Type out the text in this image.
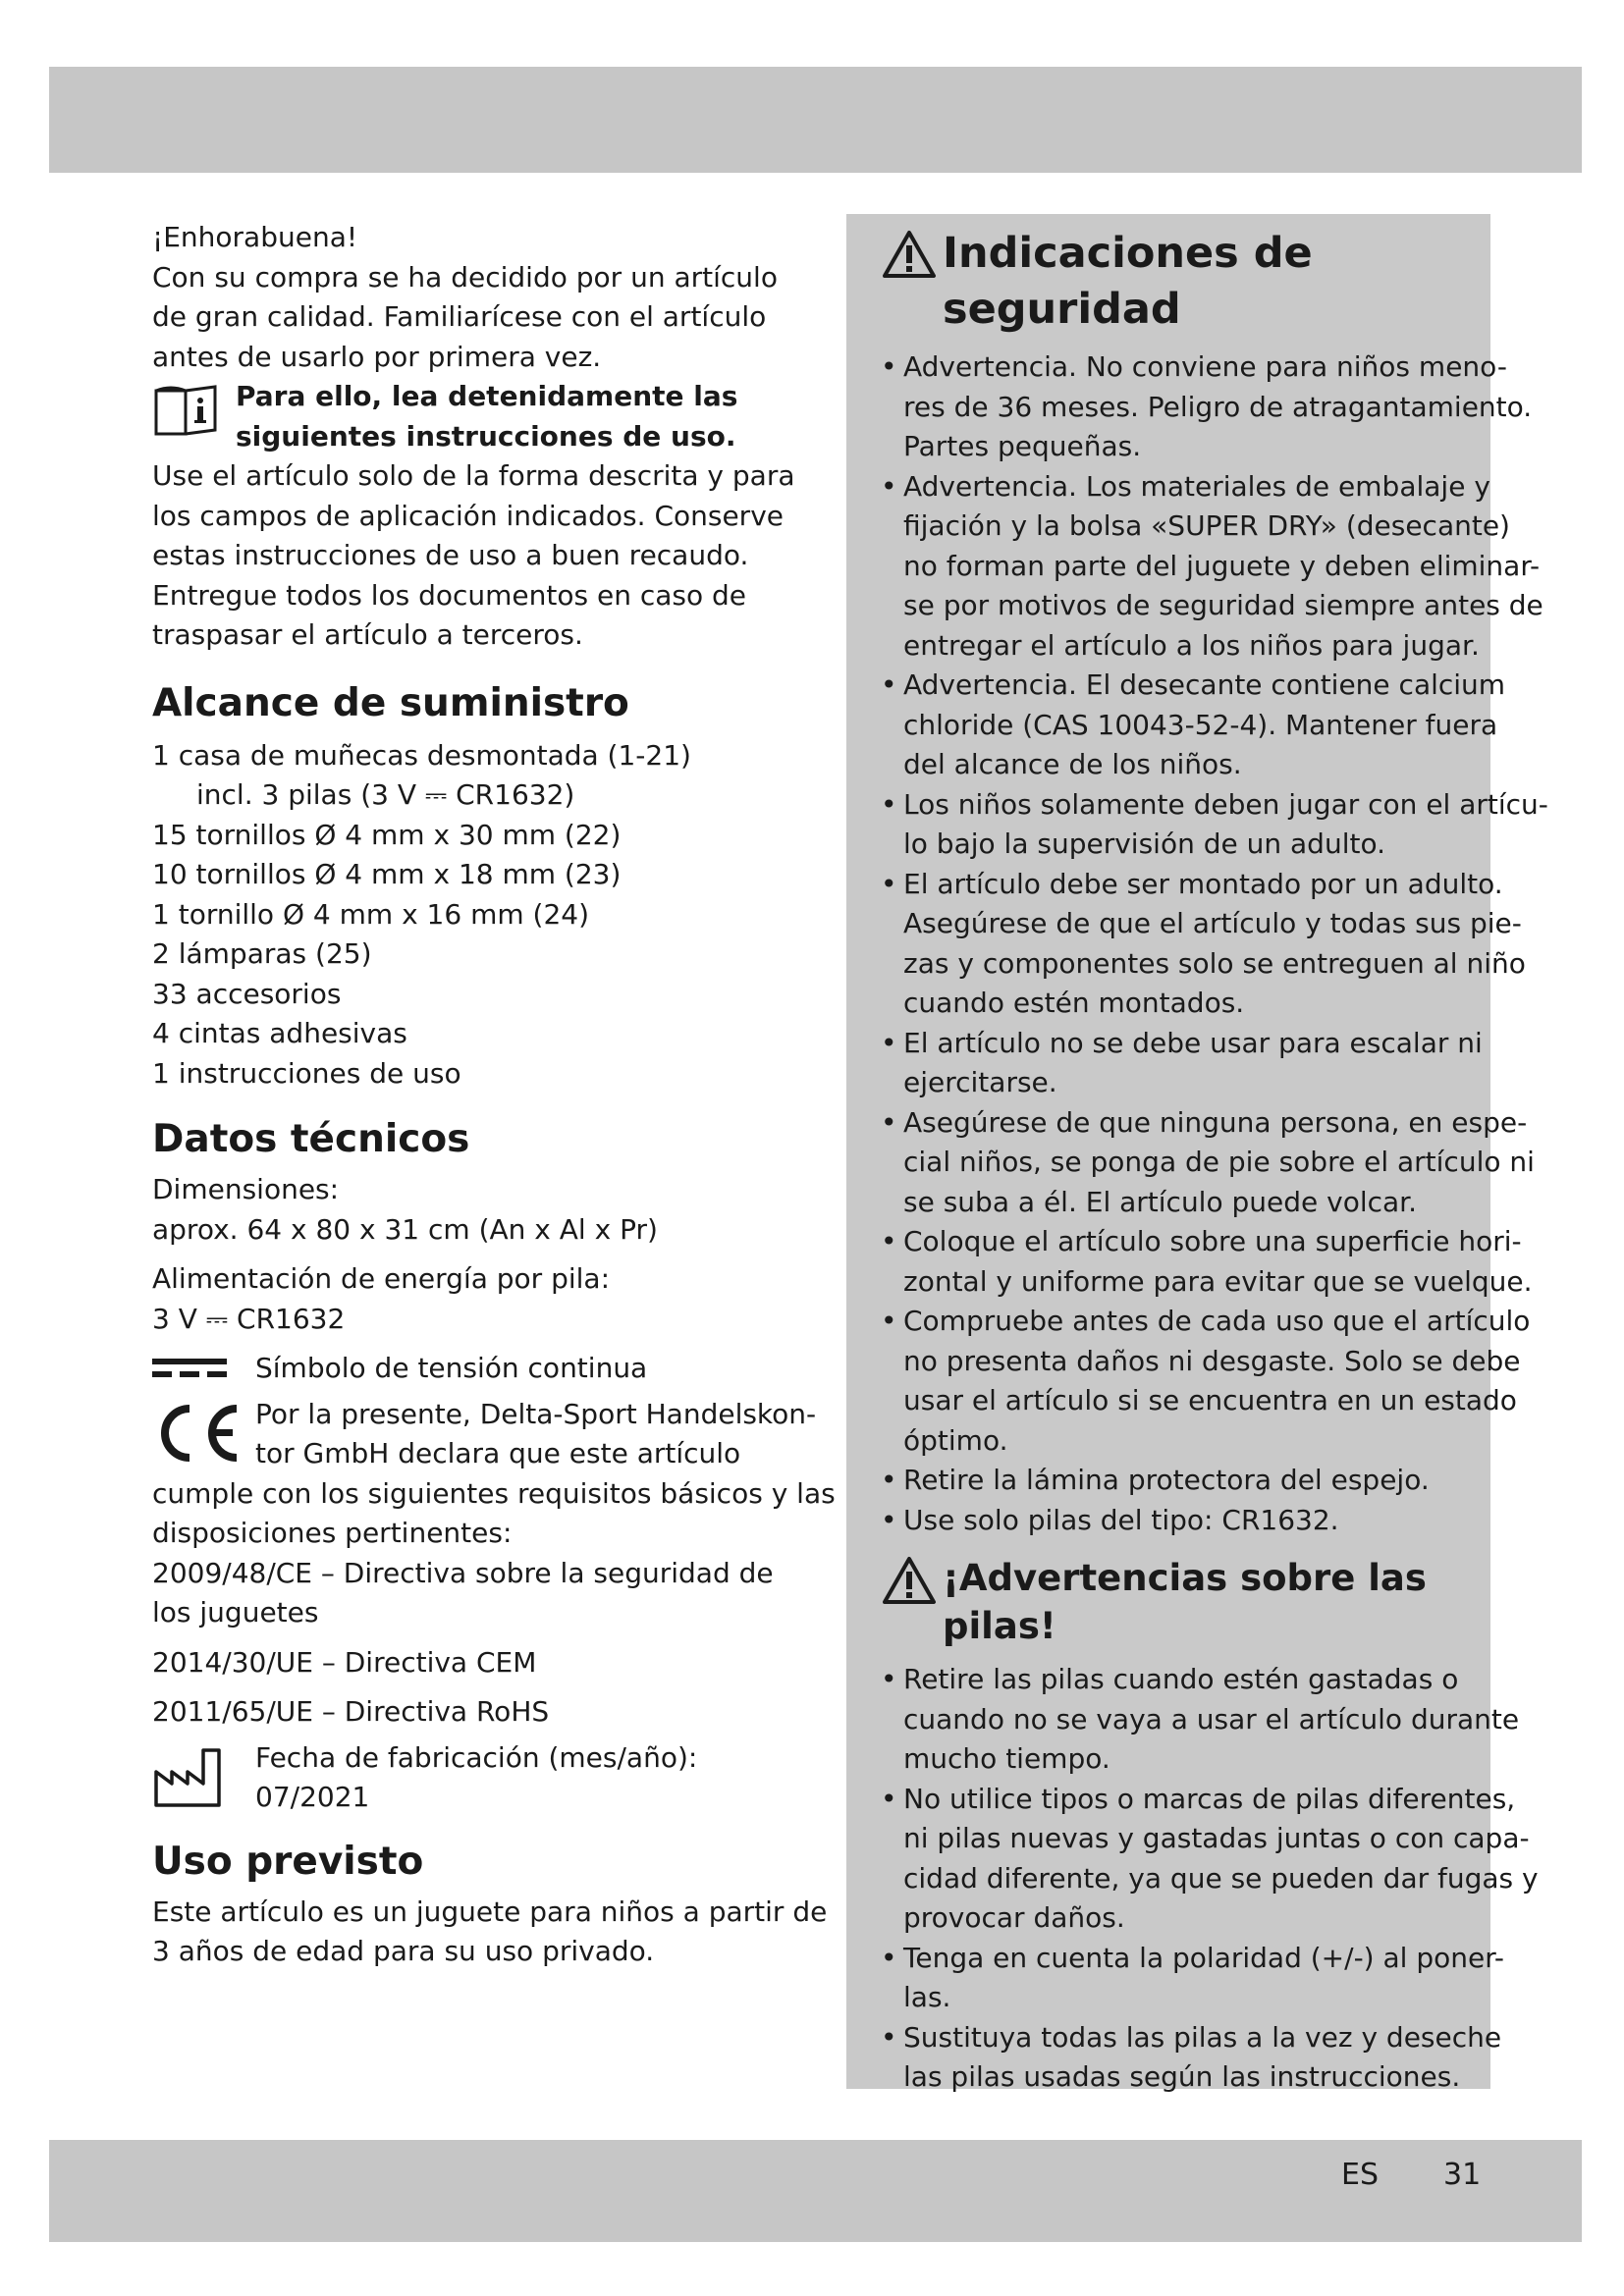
¡Enhorabuena!

Con su compra se ha decidido por un artículo

de gran calidad. Familiarícese con el artículo

antes de usarlo por primera vez.

Para ello, lea detenidamente las

siguientes instrucciones de uso.

Use el artículo solo de la forma descrita y para

los campos de aplicación indicados. Conserve

estas instrucciones de uso a buen recaudo.

Entregue todos los documentos en caso de

traspasar el artículo a terceros.

Alcance de suministro
1 casa de muñecas desmontada (1-21)
incl. 3 pilas (3 V ⎓ CR1632)
15 tornillos Ø 4 mm x 30 mm (22)
10 tornillos Ø 4 mm x 18 mm (23)
1 tornillo Ø 4 mm x 16 mm (24)
2 lámparas (25)
33 accesorios
4 cintas adhesivas
1 instrucciones de uso
Datos técnicos

Dimensiones:

aprox. 64 x 80 x 31 cm (An x Al x Pr)

Alimentación de energía por pila:

3 V ⎓ CR1632

Símbolo de tensión continua

Por la presente, Delta-Sport Handelskon-

tor GmbH declara que este artículo

cumple con los siguientes requisitos básicos y las

disposiciones pertinentes:

2009/48/CE – Directiva sobre la seguridad de

los juguetes

2014/30/UE – Directiva CEM

2011/65/UE – Directiva RoHS

Fecha de fabricación (mes/año):

07/2021

Uso previsto

Este artículo es un juguete para niños a partir de

3 años de edad para su uso privado.

Indicaciones de
seguridad
• Advertencia. No conviene para niños meno-
res de 36 meses. Peligro de atragantamiento.
Partes pequeñas.
• Advertencia. Los materiales de embalaje y
fijación y la bolsa «SUPER DRY» (desecante)
no forman parte del juguete y deben eliminar-
se por motivos de seguridad siempre antes de
entregar el artículo a los niños para jugar.
• Advertencia. El desecante contiene calcium
chloride (CAS 10043-52-4). Mantener fuera
del alcance de los niños.
• Los niños solamente deben jugar con el artícu-
lo bajo la supervisión de un adulto.
• El artículo debe ser montado por un adulto.
Asegúrese de que el artículo y todas sus pie-
zas y componentes solo se entreguen al niño
cuando estén montados.
• El artículo no se debe usar para escalar ni
ejercitarse.
• Asegúrese de que ninguna persona, en espe-
cial niños, se ponga de pie sobre el artículo ni
se suba a él. El artículo puede volcar.
• Coloque el artículo sobre una superficie hori-
zontal y uniforme para evitar que se vuelque.
• Compruebe antes de cada uso que el artículo
no presenta daños ni desgaste. Solo se debe
usar el artículo si se encuentra en un estado
óptimo.
• Retire la lámina protectora del espejo.
• Use solo pilas del tipo: CR1632.

¡Advertencias sobre las

pilas!

• Retire las pilas cuando estén gastadas o
cuando no se vaya a usar el artículo durante
mucho tiempo.
• No utilice tipos o marcas de pilas diferentes,
ni pilas nuevas y gastadas juntas o con capa-
cidad diferente, ya que se pueden dar fugas y
provocar daños.
• Tenga en cuenta la polaridad (+/-) al poner-
las.
• Sustituya todas las pilas a la vez y deseche
las pilas usadas según las instrucciones.
ES 31
